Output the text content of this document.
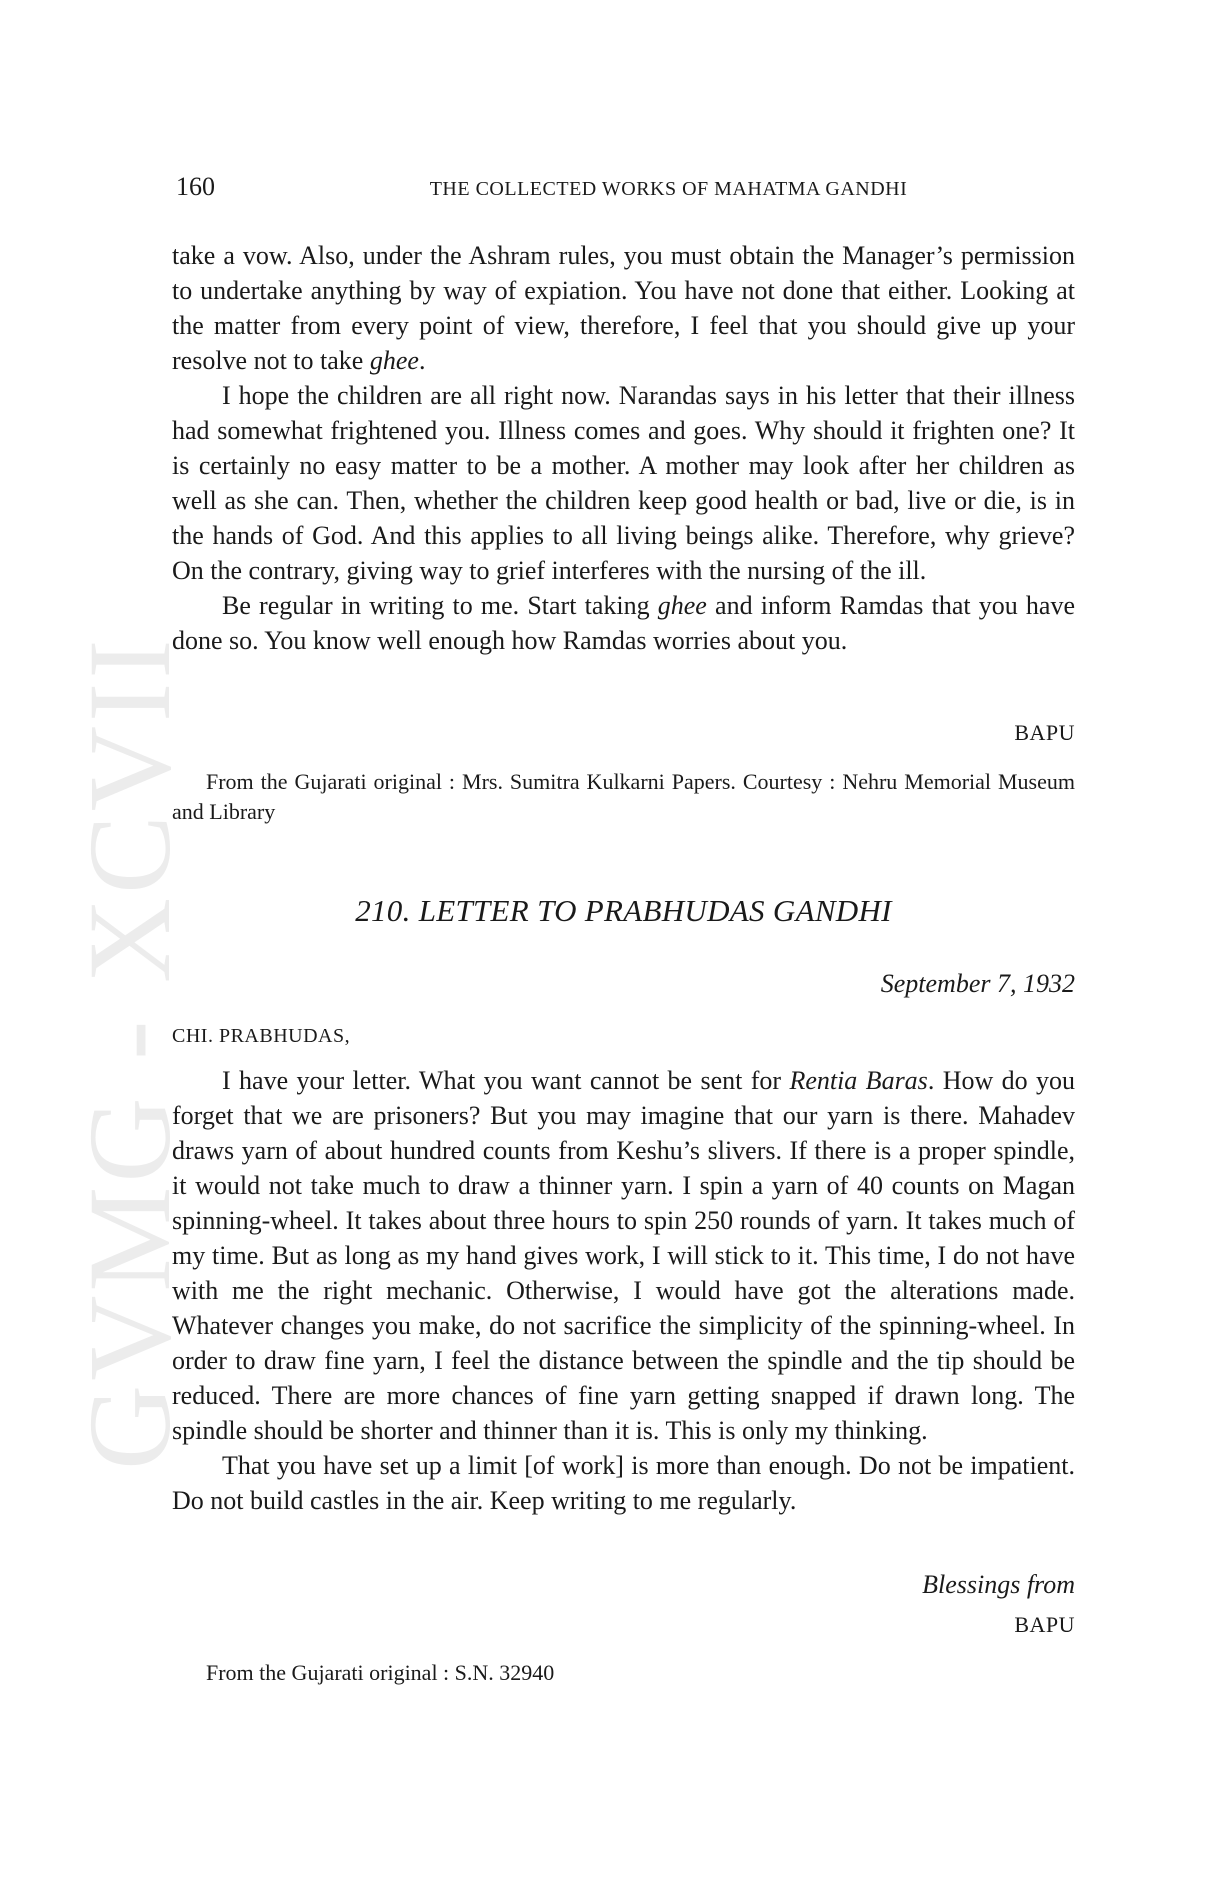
GVMG - XCVII
160	THE COLLECTED WORKS OF MAHATMA GANDHI

take a vow. Also, under the Ashram rules, you must obtain the Manager’s permission to undertake anything by way of expiation. You have not done that either. Looking at the matter from every point of view, therefore, I feel that you should give up your resolve not to take ghee.

I hope the children are all right now. Narandas says in his letter that their illness had somewhat frightened you. Illness comes and goes. Why should it frighten one? It is certainly no easy matter to be a mother. A mother may look after her children as well as she can. Then, whether the children keep good health or bad, live or die, is in the hands of God. And this applies to all living beings alike. Therefore, why grieve? On the contrary, giving way to grief interferes with the nursing of the ill.

Be regular in writing to me. Start taking ghee and inform Ramdas that you have done so. You know well enough how Ramdas worries about you.

BAPU

From the Gujarati original : Mrs. Sumitra Kulkarni Papers. Courtesy : Nehru Memorial Museum and Library

210. LETTER TO PRABHUDAS GANDHI
September 7, 1932
CHI. PRABHUDAS,

I have your letter. What you want cannot be sent for Rentia Baras. How do you forget that we are prisoners? But you may imagine that our yarn is there. Mahadev draws yarn of about hundred counts from Keshu’s slivers. If there is a proper spindle, it would not take much to draw a thinner yarn. I spin a yarn of 40 counts on Magan spinning-wheel. It takes about three hours to spin 250 rounds of yarn. It takes much of my time. But as long as my hand gives work, I will stick to it. This time, I do not have with me the right mechanic. Otherwise, I would have got the alterations made. Whatever changes you make, do not sacrifice the simplicity of the spinning-wheel. In order to draw fine yarn, I feel the distance between the spindle and the tip should be reduced. There are more chances of fine yarn getting snapped if drawn long. The spindle should be shorter and thinner than it is. This is only my thinking.

That you have set up a limit [of work] is more than enough. Do not be impatient. Do not build castles in the air. Keep writing to me regularly.

Blessings from
BAPU

From the Gujarati original : S.N. 32940
